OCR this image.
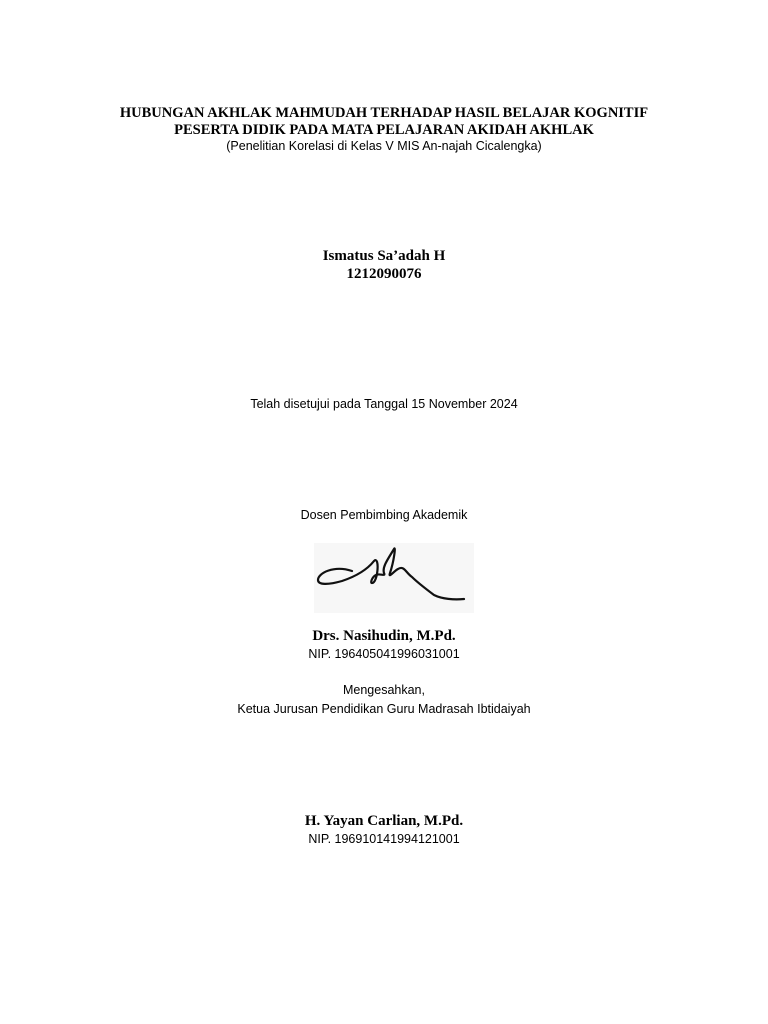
HUBUNGAN AKHLAK MAHMUDAH TERHADAP HASIL BELAJAR KOGNITIF
PESERTA DIDIK PADA MATA PELAJARAN AKIDAH AKHLAK
(Penelitian Korelasi di Kelas V MIS An-najah Cicalengka)
Ismatus Sa’adah H
1212090076
Telah disetujui pada Tanggal 15 November 2024
Dosen Pembimbing Akademik
Drs. Nasihudin, M.Pd.
NIP. 196405041996031001
Mengesahkan,
Ketua Jurusan Pendidikan Guru Madrasah Ibtidaiyah
H. Yayan Carlian, M.Pd.
NIP. 196910141994121001
